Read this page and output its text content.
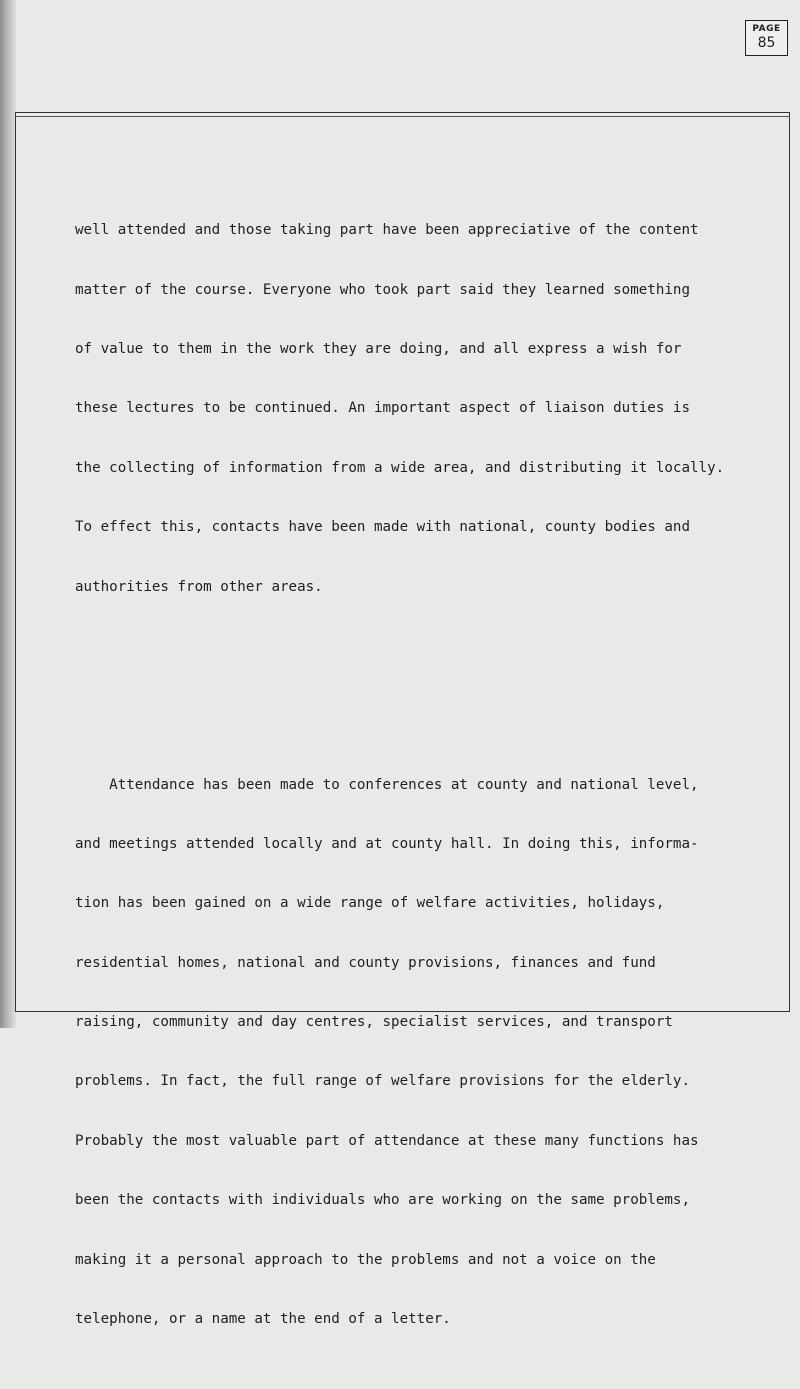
PAGE
85

well attended and those taking part have been appreciative of the content

matter of the course. Everyone who took part said they learned something

of value to them in the work they are doing, and all express a wish for

these lectures to be continued. An important aspect of liaison duties is

the collecting of information from a wide area, and distributing it locally.

To effect this, contacts have been made with national, county bodies and

authorities from other areas.

Attendance has been made to conferences at county and national level,

and meetings attended locally and at county hall. In doing this, informa-

tion has been gained on a wide range of welfare activities, holidays,

residential homes, national and county provisions, finances and fund

raising, community and day centres, specialist services, and transport

problems. In fact, the full range of welfare provisions for the elderly.

Probably the most valuable part of attendance at these many functions has

been the contacts with individuals who are working on the same problems,

making it a personal approach to the problems and not a voice on the

telephone, or a name at the end of a letter.
